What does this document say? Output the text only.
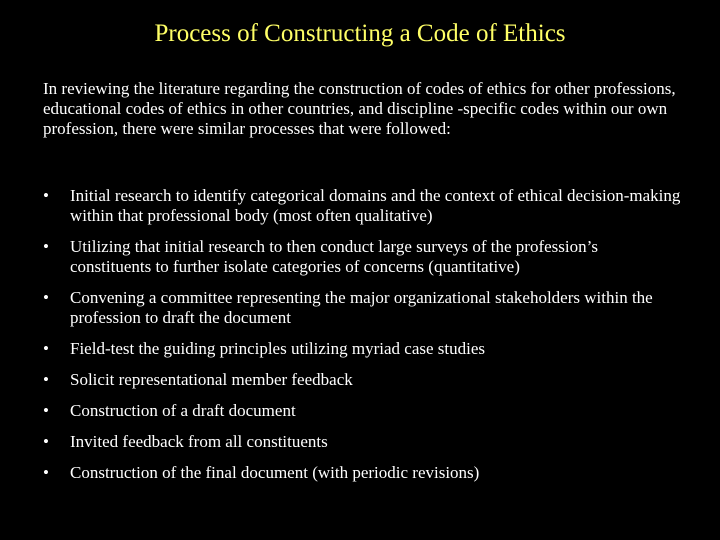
Process of Constructing a Code of Ethics
In reviewing the literature regarding the construction of codes of ethics for other professions, educational codes of ethics in other countries, and discipline -specific codes within our own profession, there were similar processes that were followed:
•	Initial research to identify categorical domains and the context of ethical decision-making within that professional body (most often qualitative)
•	Utilizing that initial research to then conduct large surveys of the profession’s constituents to further isolate categories of concerns (quantitative)
•	Convening a committee representing the major organizational stakeholders within the profession to draft the document
•	Field-test the guiding principles utilizing myriad case studies
•	Solicit representational member feedback
•	Construction of a draft document
•	Invited feedback from all constituents
•	Construction of the final document (with periodic revisions)
